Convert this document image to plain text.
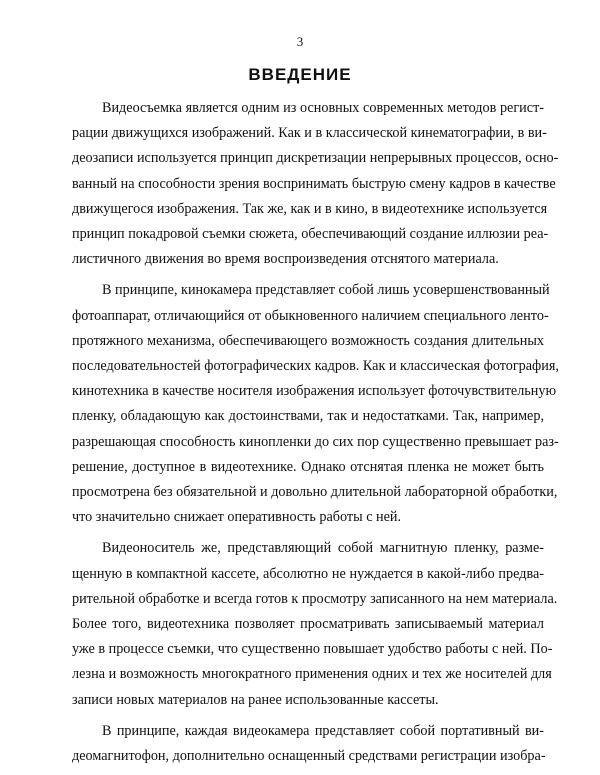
3
ВВЕДЕНИЕ
Видеосъемка является одним из основных современных методов регист-
рации движущихся изображений. Как и в классической кинематографии, в ви-
деозаписи используется принцип дискретизации непрерывных процессов, осно-
ванный на способности зрения воспринимать быструю смену кадров в качестве
движущегося изображения. Так же, как и в кино, в видеотехнике используется
принцип покадровой съемки сюжета, обеспечивающий создание иллюзии реа-
листичного движения во время воспроизведения отснятого материала.
В принципе, кинокамера представляет собой лишь усовершенствованный
фотоаппарат, отличающийся от обыкновенного наличием специального лентo-
протяжного механизма, обеспечивающего возможность создания длительных
последовательностей фотографических кадров. Как и классическая фотография,
кинотехника в качестве носителя изображения использует фоточувствительную
пленку, обладающую как достоинствами, так и недостатками. Так, например,
разрешающая способность кинопленки до сих пор существенно превышает раз-
решение, доступное в видеотехнике. Однако отснятая пленка не может быть
просмотрена без обязательной и довольно длительной лабораторной обработки,
что значительно снижает оперативность работы с ней.
Видеоноситель же, представляющий собой магнитную пленку, разме-
щенную в компактной кассете, абсолютно не нуждается в какой-либо предва-
рительной обработке и всегда готов к просмотру записанного на нем материала.
Более того, видеотехника позволяет просматривать записываемый материал
уже в процессе съемки, что существенно повышает удобство работы с ней. По-
лезна и возможность многократного применения одних и тех же носителей для
записи новых материалов на ранее использованные кассеты.
В принципе, каждая видеокамера представляет собой портативный ви-
деомагнитофон, дополнительно оснащенный средствами регистрации изобра-
